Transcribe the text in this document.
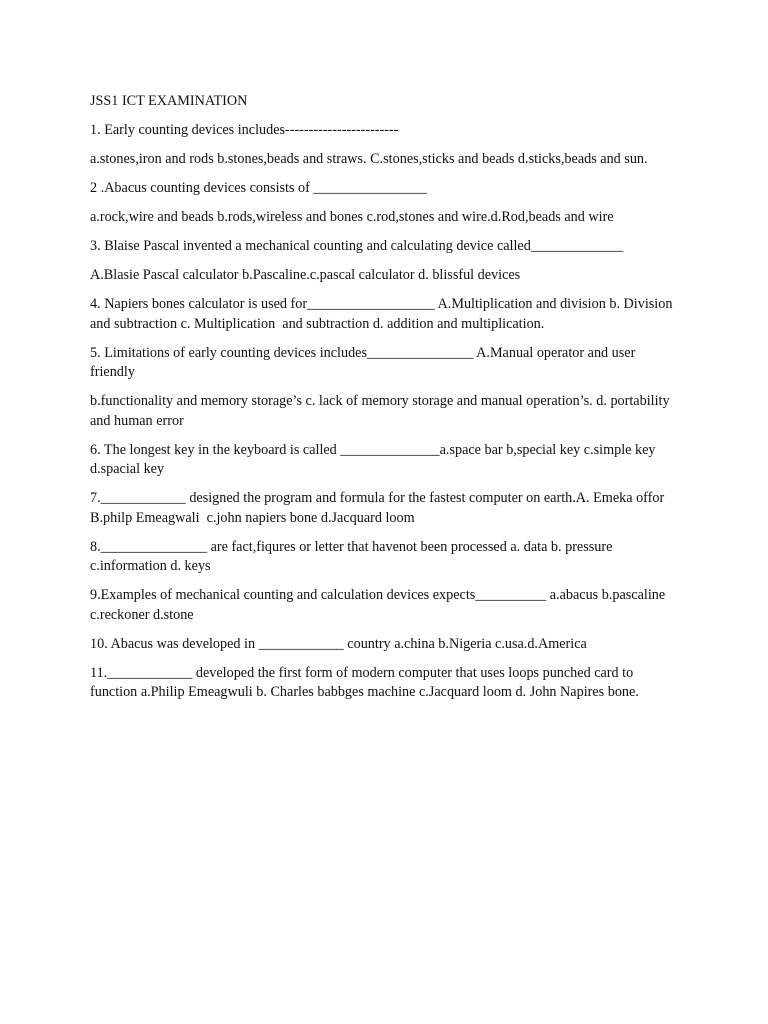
JSS1 ICT EXAMINATION

1. Early counting devices includes------------------------

a.stones,iron and rods b.stones,beads and straws. C.stones,sticks and beads d.sticks,beads and sun.

2 .Abacus counting devices consists of ________________

a.rock,wire and beads b.rods,wireless and bones c.rod,stones and wire.d.Rod,beads and wire

3. Blaise Pascal invented a mechanical counting and calculating device called_____________

A.Blasie Pascal calculator b.Pascaline.c.pascal calculator d. blissful devices

4. Napiers bones calculator is used for__________________ A.Multiplication and division b. Division and subtraction c. Multiplication  and subtraction d. addition and multiplication.

5. Limitations of early counting devices includes_______________ A.Manual operator and user friendly

b.functionality and memory storage’s c. lack of memory storage and manual operation’s. d. portability and human error

6. The longest key in the keyboard is called ______________a.space bar b,special key c.simple key d.spacial key

7.____________ designed the program and formula for the fastest computer on earth.A. Emeka offor B.philp Emeagwali  c.john napiers bone d.Jacquard loom

8._______________ are fact,fiqures or letter that havenot been processed a. data b. pressure c.information d. keys

9.Examples of mechanical counting and calculation devices expects__________ a.abacus b.pascaline c.reckoner d.stone

10. Abacus was developed in ____________ country a.china b.Nigeria c.usa.d.America

11.____________ developed the first form of modern computer that uses loops punched card to function a.Philip Emeagwuli b. Charles babbges machine c.Jacquard loom d. John Napires bone.
